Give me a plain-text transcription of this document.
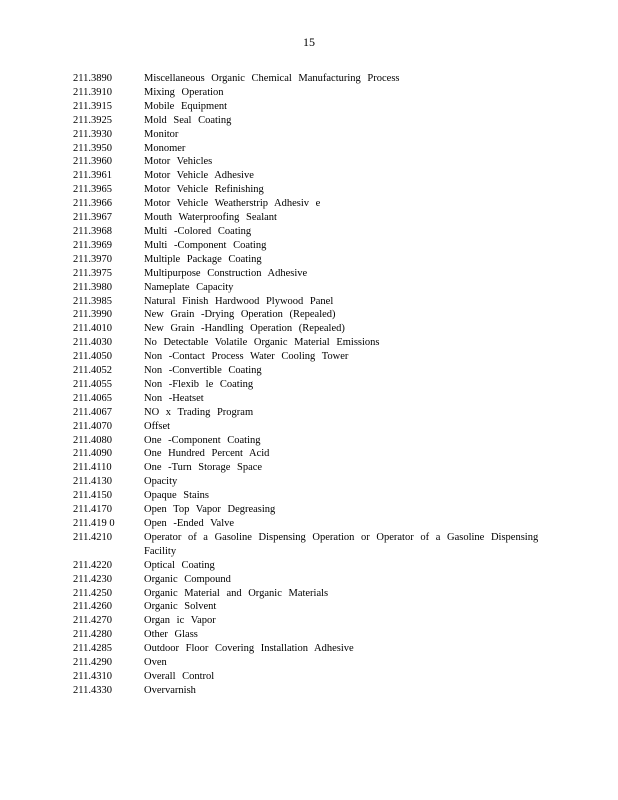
15
211.3890	Miscellaneous Organic Chemical Manufacturing Process
211.3910	Mixing Operation
211.3915	Mobile Equipment
211.3925	Mold Seal Coating
211.3930	Monitor
211.3950	Monomer
211.3960	Motor Vehicles
211.3961	Motor Vehicle Adhesive
211.3965	Motor Vehicle Refinishing
211.3966	Motor Vehicle Weatherstrip Adhesiv e
211.3967	Mouth Waterproofing Sealant
211.3968	Multi -Colored Coating
211.3969	Multi -Component Coating
211.3970	Multiple Package Coating
211.3975	Multipurpose Construction Adhesive
211.3980	Nameplate Capacity
211.3985	Natural Finish Hardwood Plywood Panel
211.3990	New Grain -Drying Operation (Repealed)
211.4010	New Grain -Handling Operation (Repealed)
211.4030	No Detectable Volatile Organic Material Emissions
211.4050	Non -Contact Process Water Cooling Tower
211.4052	Non -Convertible Coating
211.4055	Non -Flexib le Coating
211.4065	Non -Heatset
211.4067	NO x Trading Program
211.4070	Offset
211.4080	One -Component Coating
211.4090	One Hundred Percent Acid
211.4110	One -Turn Storage Space
211.4130	Opacity
211.4150	Opaque Stains
211.4170	Open Top Vapor Degreasing
211.419 0	Open -Ended Valve
211.4210	Operator of a Gasoline Dispensing Operation or Operator of a Gasoline Dispensing Facility
211.4220	Optical Coating
211.4230	Organic Compound
211.4250	Organic Material and Organic Materials
211.4260	Organic Solvent
211.4270	Organ ic Vapor
211.4280	Other Glass
211.4285	Outdoor Floor Covering Installation Adhesive
211.4290	Oven
211.4310	Overall Control
211.4330	Overvarnish
